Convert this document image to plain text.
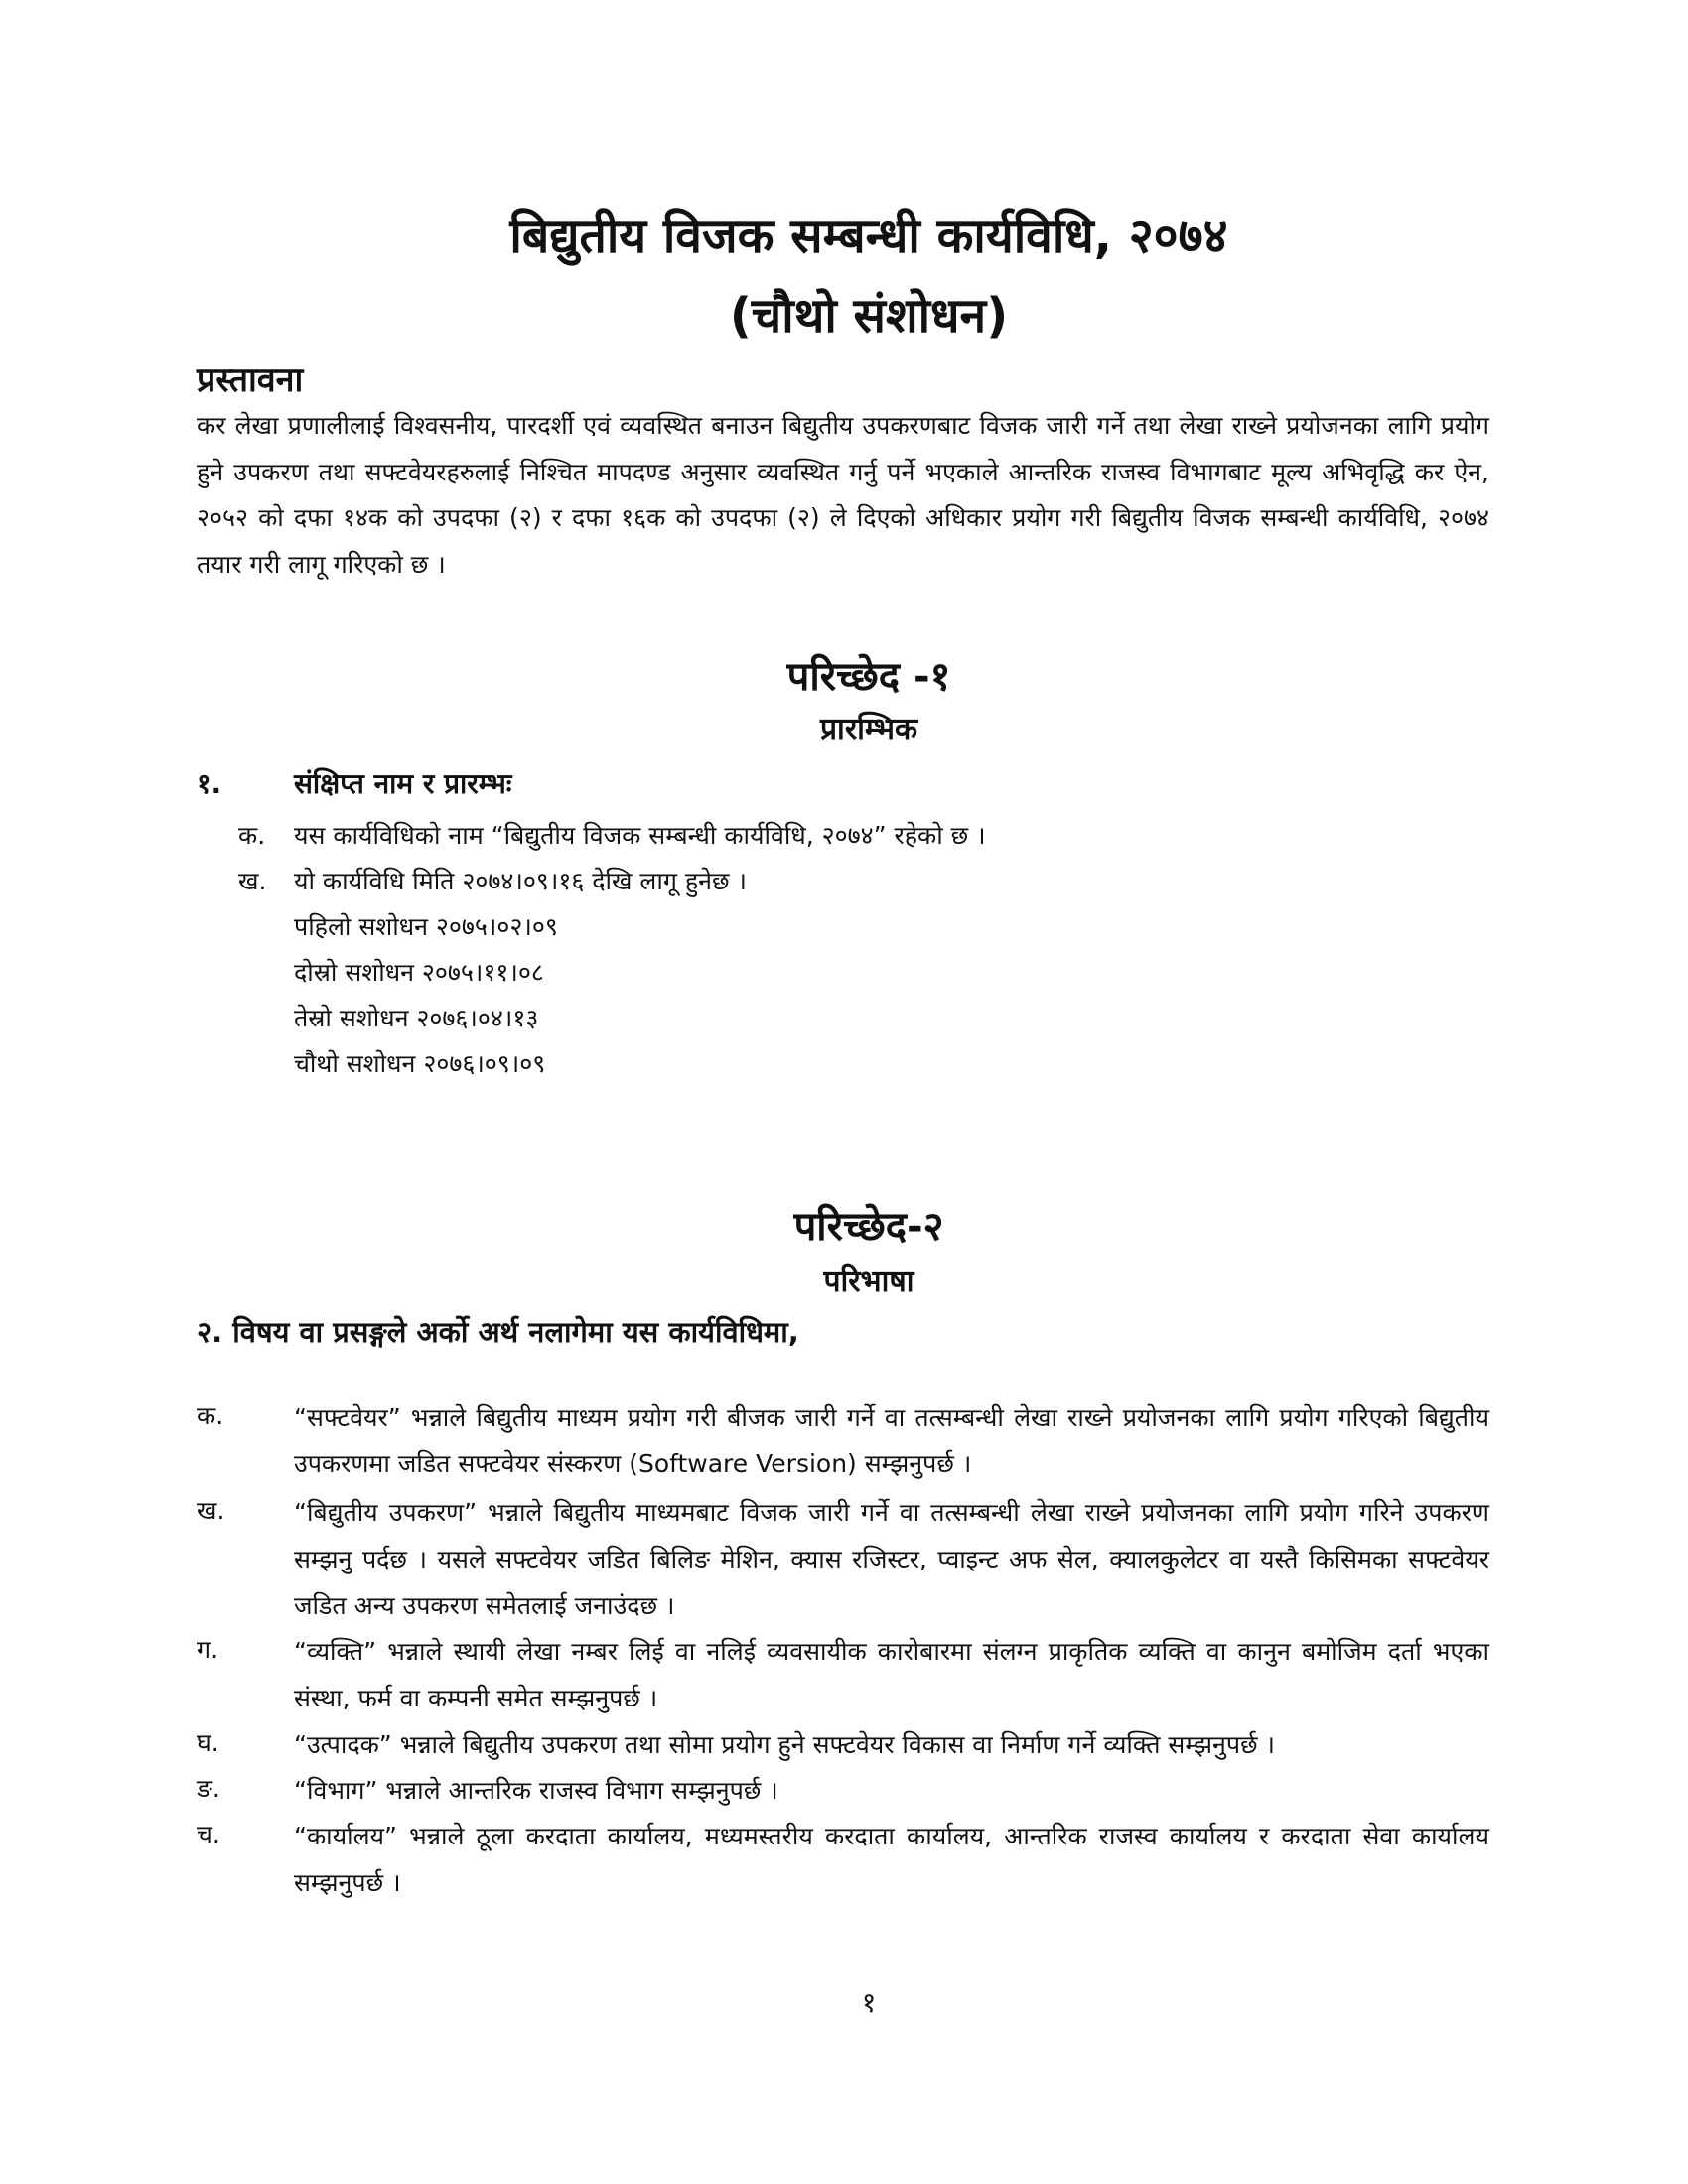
बिद्युतीय विजक सम्बन्धी कार्यविधि, २०७४
(चौथो संशोधन)
प्रस्तावना
कर लेखा प्रणालीलाई विश्वसनीय, पारदर्शी एवं व्यवस्थित बनाउन बिद्युतीय उपकरणबाट विजक जारी गर्ने तथा लेखा राख्ने प्रयोजनका लागि प्रयोग हुने उपकरण तथा सफ्टवेयरहरुलाई निश्चित मापदण्ड अनुसार व्यवस्थित गर्नु पर्ने भएकाले आन्तरिक राजस्व विभागबाट मूल्य अभिवृद्धि कर ऐन, २०५२ को दफा १४क को उपदफा (२) र दफा १६क को उपदफा (२) ले दिएको अधिकार प्रयोग गरी बिद्युतीय विजक सम्बन्धी कार्यविधि, २०७४ तयार गरी लागू गरिएको छ ।
परिच्छेद -१
प्रारम्भिक
१.	संक्षिप्त नाम र प्रारम्भः
क. यस कार्यविधिको नाम “बिद्युतीय विजक सम्बन्धी कार्यविधि, २०७४” रहेको छ ।
ख. यो कार्यविधि मिति २०७४।०९।१६ देखि लागू हुनेछ ।
पहिलो सशोधन २०७५।०२।०९
दोस्रो सशोधन २०७५।११।०८
तेस्रो सशोधन २०७६।०४।१३
चौथो सशोधन २०७६।०९।०९
परिच्छेद-२
परिभाषा
२. विषय वा प्रसङ्गले अर्को अर्थ नलागेमा यस कार्यविधिमा,
क.	“सफ्टवेयर” भन्नाले बिद्युतीय माध्यम प्रयोग गरी बीजक जारी गर्ने वा तत्सम्बन्धी लेखा राख्ने प्रयोजनका लागि प्रयोग गरिएको बिद्युतीय उपकरणमा जडित सफ्टवेयर संस्करण (Software Version) सम्झनुपर्छ ।
ख.	“बिद्युतीय उपकरण” भन्नाले बिद्युतीय माध्यमबाट विजक जारी गर्ने वा तत्सम्बन्धी लेखा राख्ने प्रयोजनका लागि प्रयोग गरिने उपकरण सम्झनु पर्दछ । यसले सफ्टवेयर जडित बिलिङ मेशिन, क्यास रजिस्टर, प्वाइन्ट अफ सेल, क्यालकुलेटर वा यस्तै किसिमका सफ्टवेयर जडित अन्य उपकरण समेतलाई जनाउंदछ ।
ग.	“व्यक्ति” भन्नाले स्थायी लेखा नम्बर लिई वा नलिई व्यवसायीक कारोबारमा संलग्न प्राकृतिक व्यक्ति वा कानुन बमोजिम दर्ता भएका संस्था, फर्म वा कम्पनी समेत सम्झनुपर्छ ।
घ.	“उत्पादक” भन्नाले बिद्युतीय उपकरण तथा सोमा प्रयोग हुने सफ्टवेयर विकास वा निर्माण गर्ने व्यक्ति सम्झनुपर्छ ।
ङ.	“विभाग” भन्नाले आन्तरिक राजस्व विभाग सम्झनुपर्छ ।
च.	“कार्यालय” भन्नाले ठूला करदाता कार्यालय, मध्यमस्तरीय करदाता कार्यालय, आन्तरिक राजस्व कार्यालय र करदाता सेवा कार्यालय सम्झनुपर्छ ।
१
